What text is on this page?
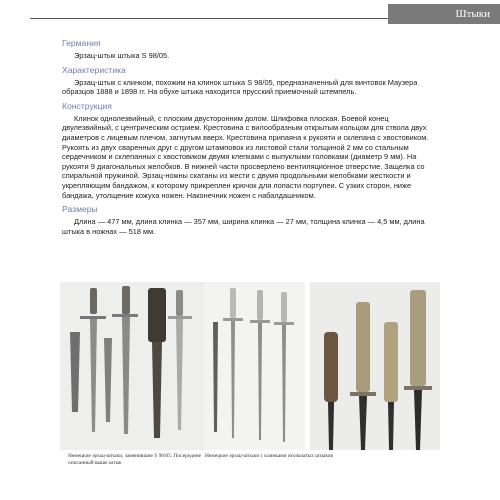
Штыки
Германия
Эрзац-штык штыка S 98/05.
Характеристика
Эрзац-штык с клинком, похожим на клинок штыка S 98/05, предназначенный для винтовок Маузера образцов 1888 и 1898 гг. На обухе штыка находится прусский приемочный штемпель.
Конструкция
Клинок однолезвийный, с плоским двусторонним долом. Шлифовка плоская. Боевой конец двулезвийный, с центрическим острием. Крестовина с вилообразным открытым кольцом для ствола двух диаметров с лицевым плечом, загнутым вверх. Крестовина припаяна к рукояти и склепана с хвостовиком. Рукоять из двух сваренных друг с другом штамповок из листовой стали толщиной 2 мм со стальным сердечником и склепанных с хвостовиком двумя клепками с выпуклыми головками (диаметр 9 мм). На рукояти 9 диагональных желобков. В нижней части просверлено вентиляционное отверстие. Защелка со спиральной пружиной. Эрзац-ножны скатаны из жести с двумя продольными желобками жесткости и укрепляющим бандажом, к которому прикреплен крючок для лопасти портупеи. С узких сторон, ниже бандажа, утолщение кожуха ножен. Наконечник ножен с набалдашником.
Размеры
Длина — 477 мм, длина клинка — 357 мм, ширина клинка — 27 мм, толщина клинка — 4,5 мм, длина штыка в ножнах — 518 мм.
Немецкие эрзац-штыки, заменившие S 98/05. Посередине описанный выше штык
Немецкие эрзац-штыки с клинками игольчатых штыков
